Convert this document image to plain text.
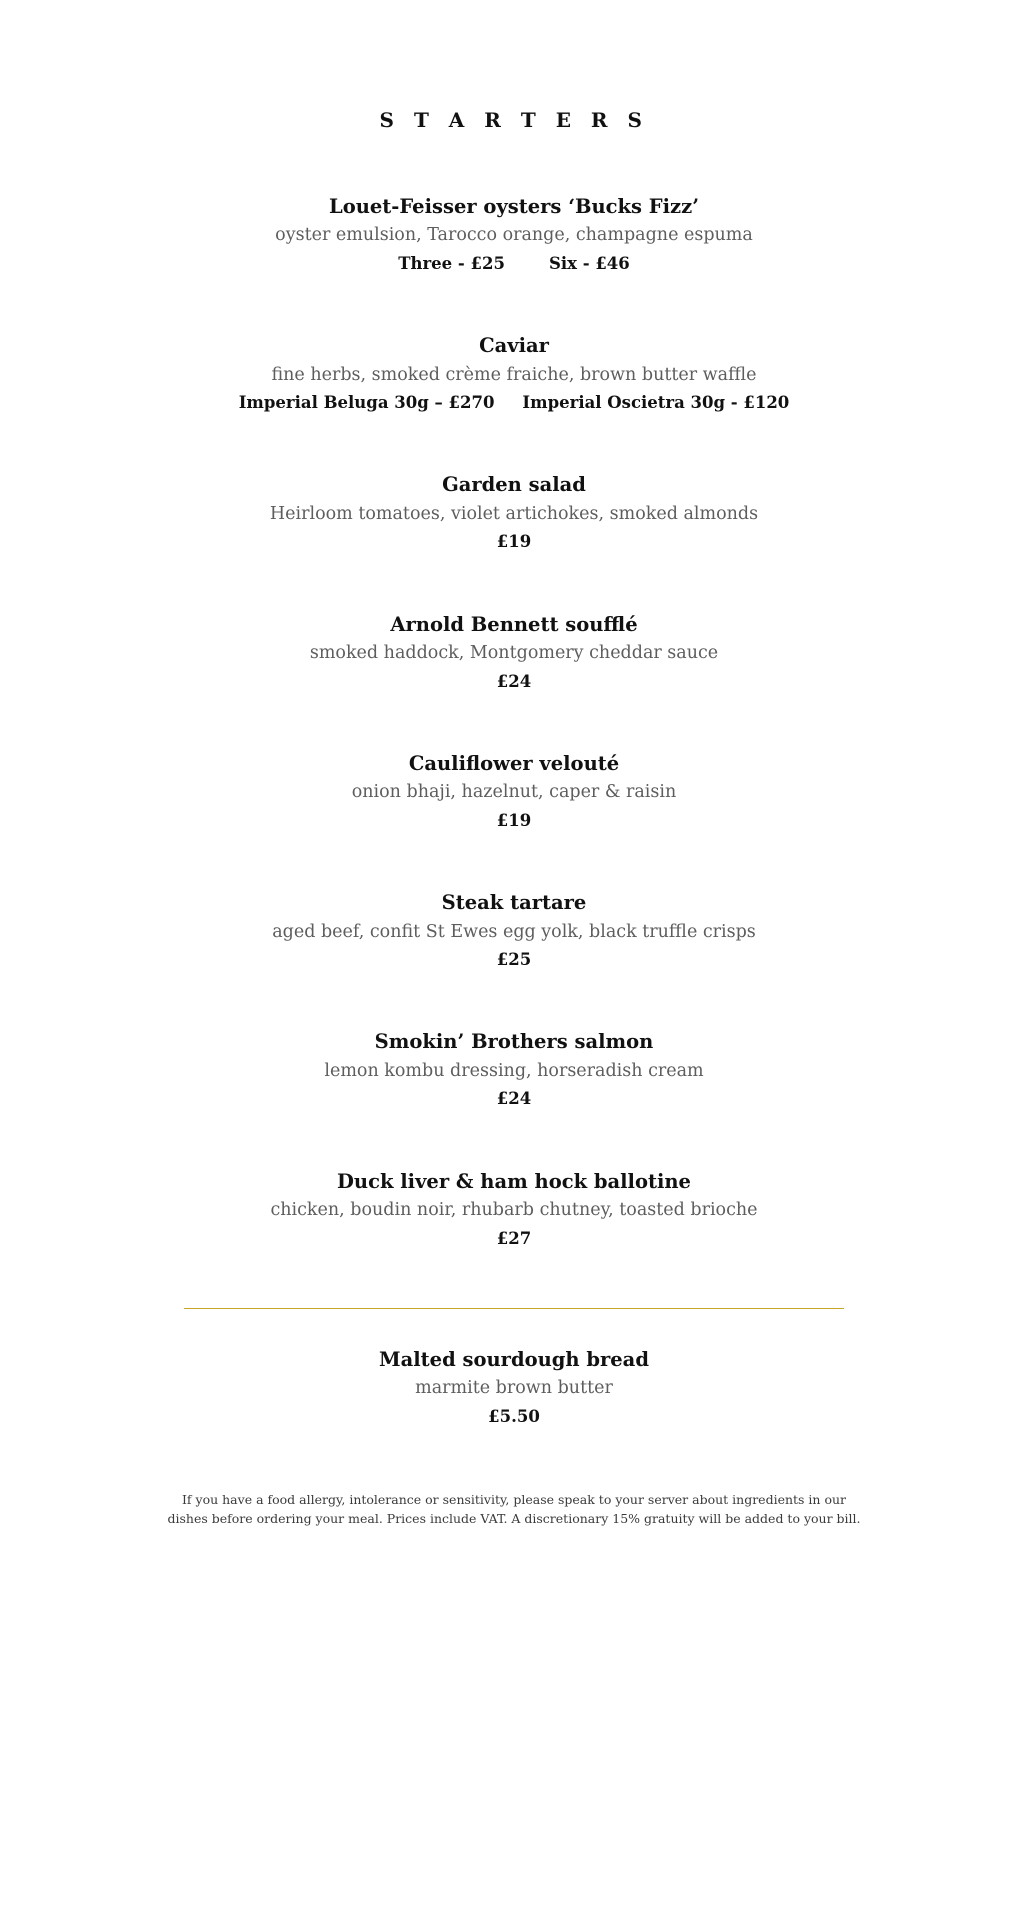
S T A R T E R S
Louet-Feisser oysters ‘Bucks Fizz’
oyster emulsion, Tarocco orange, champagne espuma
Three - £25	Six - £46
Caviar
fine herbs, smoked crème fraiche, brown butter waffle
Imperial Beluga 30g – £270 Imperial Oscietra 30g - £120
Garden salad
Heirloom tomatoes, violet artichokes, smoked almonds
£19
Arnold Bennett soufflé
smoked haddock, Montgomery cheddar sauce
£24
Cauliflower velouté
onion bhaji, hazelnut, caper & raisin
£19
Steak tartare
aged beef, confit St Ewes egg yolk, black truffle crisps
£25
Smokin’ Brothers salmon
lemon kombu dressing, horseradish cream
£24
Duck liver & ham hock ballotine
chicken, boudin noir, rhubarb chutney, toasted brioche
£27
Malted sourdough bread
marmite brown butter
£5.50
If you have a food allergy, intolerance or sensitivity, please speak to your server about ingredients in our dishes before ordering your meal. Prices include VAT. A discretionary 15% gratuity will be added to your bill.
